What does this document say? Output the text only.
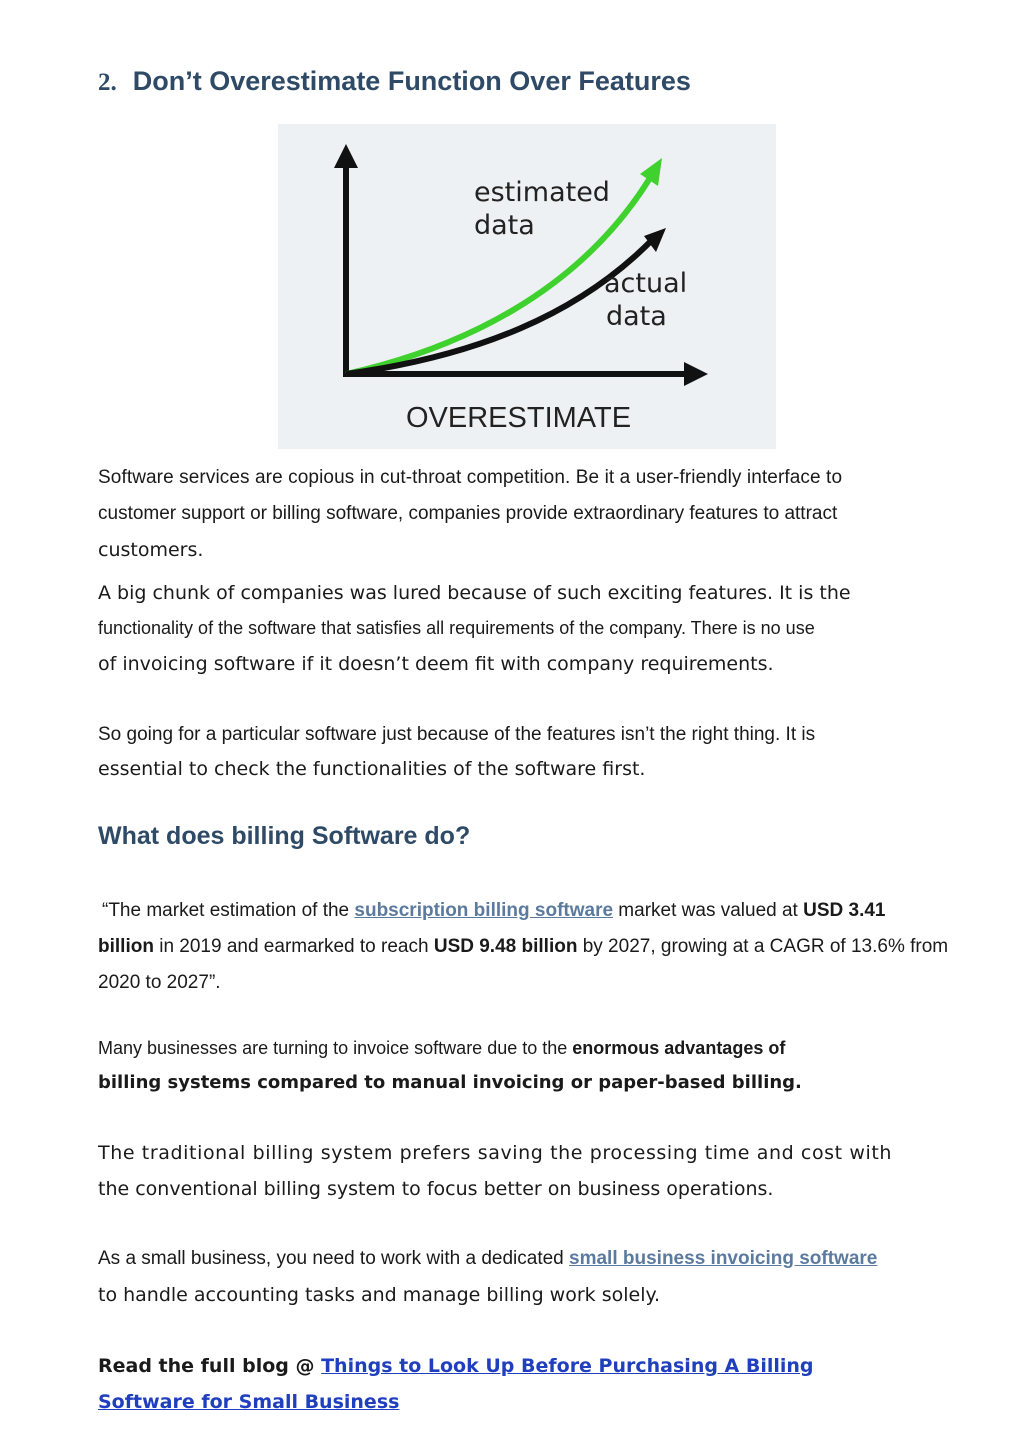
2. Don’t Overestimate Function Over Features
estimated
data
actual
data
OVERESTIMATE
Software services are copious in cut-throat competition. Be it a user-friendly interface to
customer support or billing software, companies provide extraordinary features to attract
customers.
A big chunk of companies was lured because of such exciting features. It is the
functionality of the software that satisfies all requirements of the company. There is no use
of invoicing software if it doesn’t deem fit with company requirements.
So going for a particular software just because of the features isn’t the right thing. It is
essential to check the functionalities of the software first.
What does billing Software do?
“The market estimation of the subscription billing software market was valued at USD 3.41
billion in 2019 and earmarked to reach USD 9.48 billion by 2027, growing at a CAGR of 13.6% from
2020 to 2027”.
Many businesses are turning to invoice software due to the enormous advantages of
billing systems compared to manual invoicing or paper-based billing.
The traditional billing system prefers saving the processing time and cost with
the conventional billing system to focus better on business operations.
As a small business, you need to work with a dedicated small business invoicing software
to handle accounting tasks and manage billing work solely.
Read the full blog @ Things to Look Up Before Purchasing A Billing
Software for Small Business
